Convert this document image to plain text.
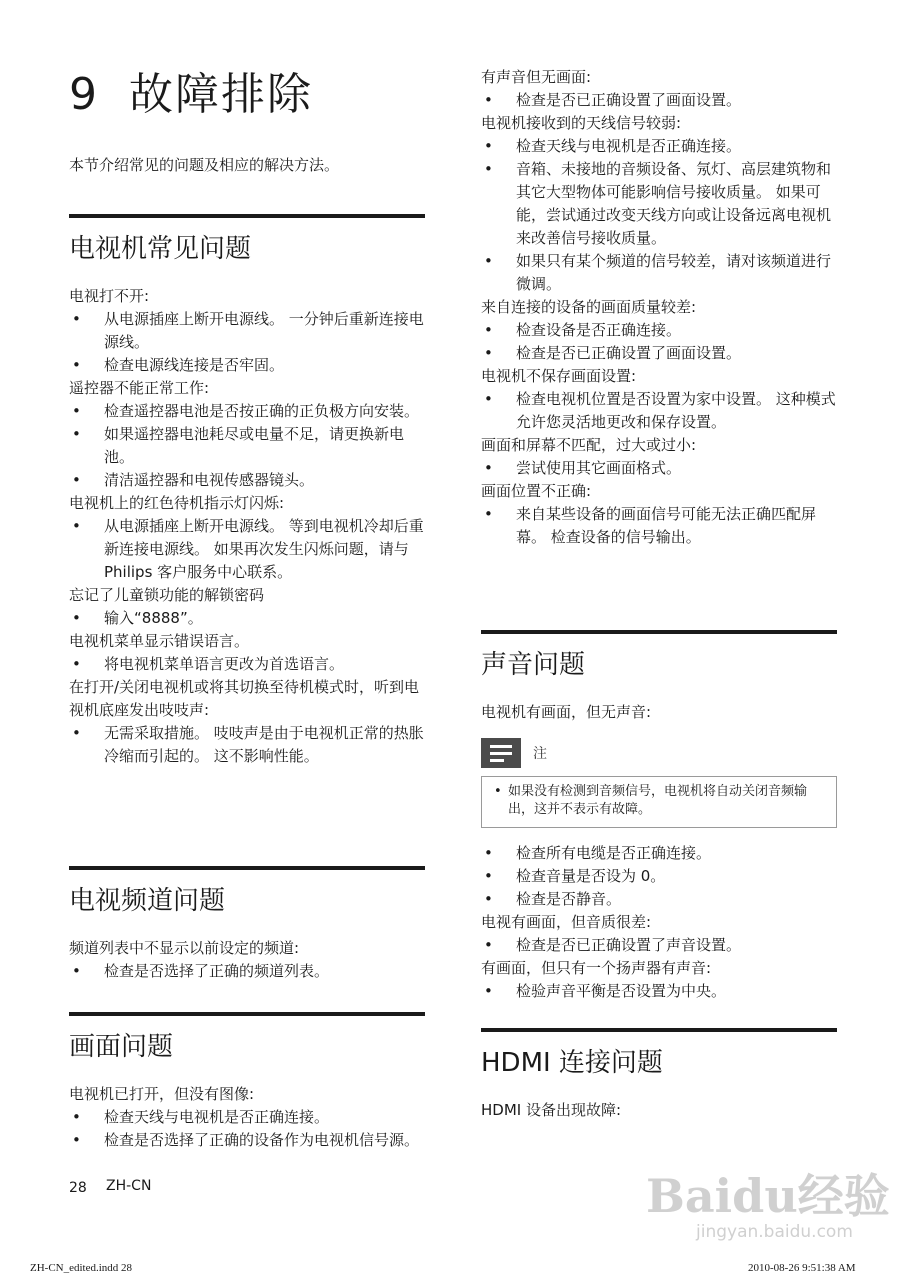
9 故障排除

本节介绍常见的问题及相应的解决方法。

电视机常见问题

电视打不开:

• 从电源插座上断开电源线。 一分钟后重新连接电源线。
• 检查电源线连接是否牢固。

遥控器不能正常工作:

• 检查遥控器电池是否按正确的正负极方向安装。
• 如果遥控器电池耗尽或电量不足，请更换新电池。
• 清洁遥控器和电视传感器镜头。

电视机上的红色待机指示灯闪烁:

• 从电源插座上断开电源线。 等到电视机冷却后重新连接电源线。 如果再次发生闪烁问题，请与 Philips 客户服务中心联系。

忘记了儿童锁功能的解锁密码

• 输入“8888”。

电视机菜单显示错误语言。

• 将电视机菜单语言更改为首选语言。

在打开/关闭电视机或将其切换至待机模式时，听到电视机底座发出吱吱声:

• 无需采取措施。 吱吱声是由于电视机正常的热胀冷缩而引起的。 这不影响性能。
电视频道问题

频道列表中不显示以前设定的频道:

• 检查是否选择了正确的频道列表。
画面问题

电视机已打开，但没有图像:

• 检查天线与电视机是否正确连接。
• 检查是否选择了正确的设备作为电视机信号源。

有声音但无画面:

• 检查是否已正确设置了画面设置。

电视机接收到的天线信号较弱:

• 检查天线与电视机是否正确连接。
• 音箱、未接地的音频设备、氖灯、高层建筑物和其它大型物体可能影响信号接收质量。 如果可能，尝试通过改变天线方向或让设备远离电视机来改善信号接收质量。
• 如果只有某个频道的信号较差，请对该频道进行微调。

来自连接的设备的画面质量较差:

• 检查设备是否正确连接。
• 检查是否已正确设置了画面设置。

电视机不保存画面设置:

• 检查电视机位置是否设置为家中设置。 这种模式允许您灵活地更改和保存设置。

画面和屏幕不匹配，过大或过小:

• 尝试使用其它画面格式。

画面位置不正确:

• 来自某些设备的画面信号可能无法正确匹配屏幕。 检查设备的信号输出。
声音问题

电视机有画面，但无声音:

注
• 如果没有检测到音频信号，电视机将自动关闭音频输出，这并不表示有故障。
• 检查所有电缆是否正确连接。
• 检查音量是否设为 0。
• 检查是否静音。

电视有画面，但音质很差:

• 检查是否已正确设置了声音设置。

有画面，但只有一个扬声器有声音:

• 检验声音平衡是否设置为中央。
HDMI 连接问题

HDMI 设备出现故障:

28 ZH-CN	Baidu经验
jingyan.baidu.com
ZH-CN_edited.indd 28	2010-08-26 9:51:38 AM
